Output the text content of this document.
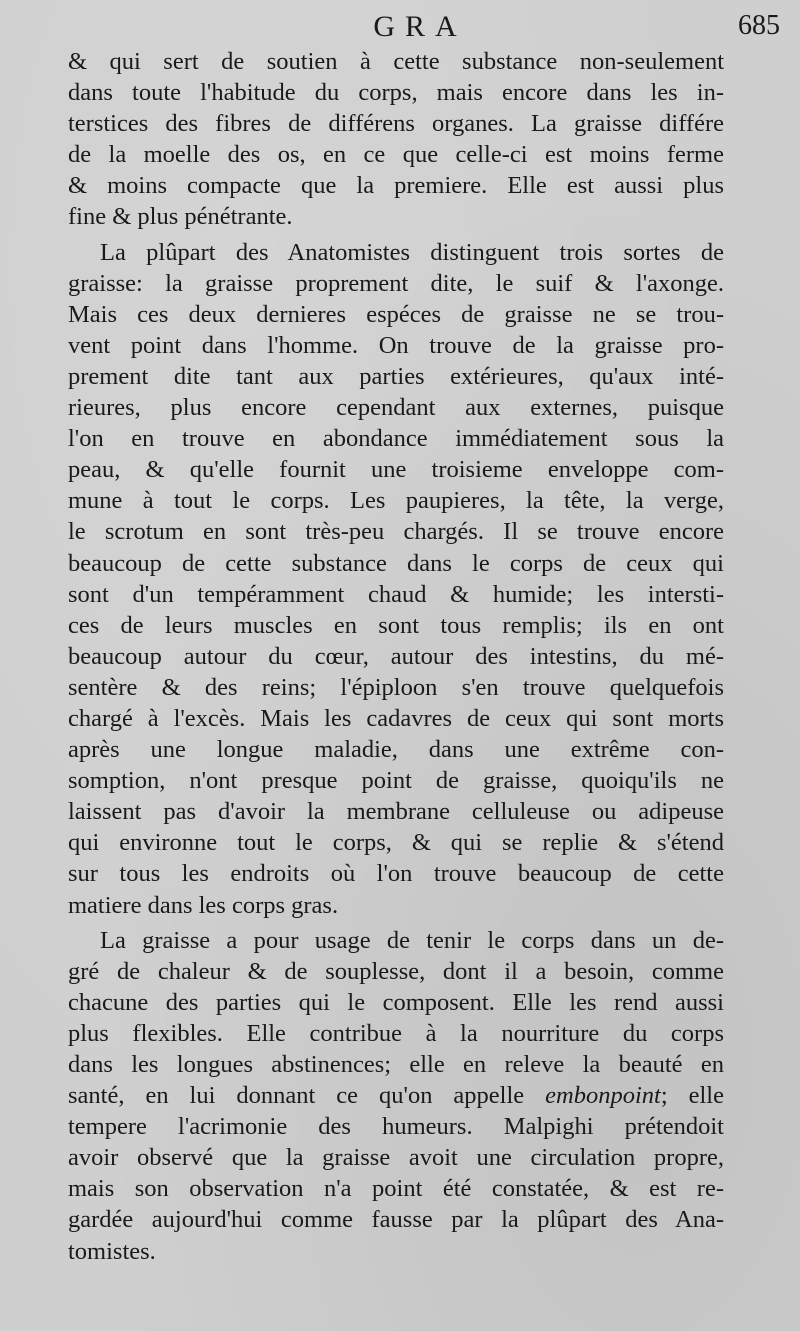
GRA	685
& qui sert de soutien à cette substance non-seulement
dans toute l'habitude du corps, mais encore dans les in-
terstices des fibres de différens organes. La graisse différe
de la moelle des os, en ce que celle-ci est moins ferme
& moins compacte que la premiere. Elle est aussi plus
fine & plus pénétrante.
La plûpart des Anatomistes distinguent trois sortes de
graisse: la graisse proprement dite, le suif & l'axonge.
Mais ces deux dernieres espéces de graisse ne se trou-
vent point dans l'homme. On trouve de la graisse pro-
prement dite tant aux parties extérieures, qu'aux inté-
rieures, plus encore cependant aux externes, puisque
l'on en trouve en abondance immédiatement sous la
peau, & qu'elle fournit une troisieme enveloppe com-
mune à tout le corps. Les paupieres, la tête, la verge,
le scrotum en sont très-peu chargés. Il se trouve encore
beaucoup de cette substance dans le corps de ceux qui
sont d'un tempéramment chaud & humide; les intersti-
ces de leurs muscles en sont tous remplis; ils en ont
beaucoup autour du cœur, autour des intestins, du mé-
sentère & des reins; l'épiploon s'en trouve quelquefois
chargé à l'excès. Mais les cadavres de ceux qui sont morts
après une longue maladie, dans une extrême con-
somption, n'ont presque point de graisse, quoiqu'ils ne
laissent pas d'avoir la membrane celluleuse ou adipeuse
qui environne tout le corps, & qui se replie & s'étend
sur tous les endroits où l'on trouve beaucoup de cette
matiere dans les corps gras.
La graisse a pour usage de tenir le corps dans un de-
gré de chaleur & de souplesse, dont il a besoin, comme
chacune des parties qui le composent. Elle les rend aussi
plus flexibles. Elle contribue à la nourriture du corps
dans les longues abstinences; elle en releve la beauté en
santé, en lui donnant ce qu'on appelle embonpoint; elle
tempere l'acrimonie des humeurs. Malpighi prétendoit
avoir observé que la graisse avoit une circulation propre,
mais son observation n'a point été constatée, & est re-
gardée aujourd'hui comme fausse par la plûpart des Ana-
tomistes.
